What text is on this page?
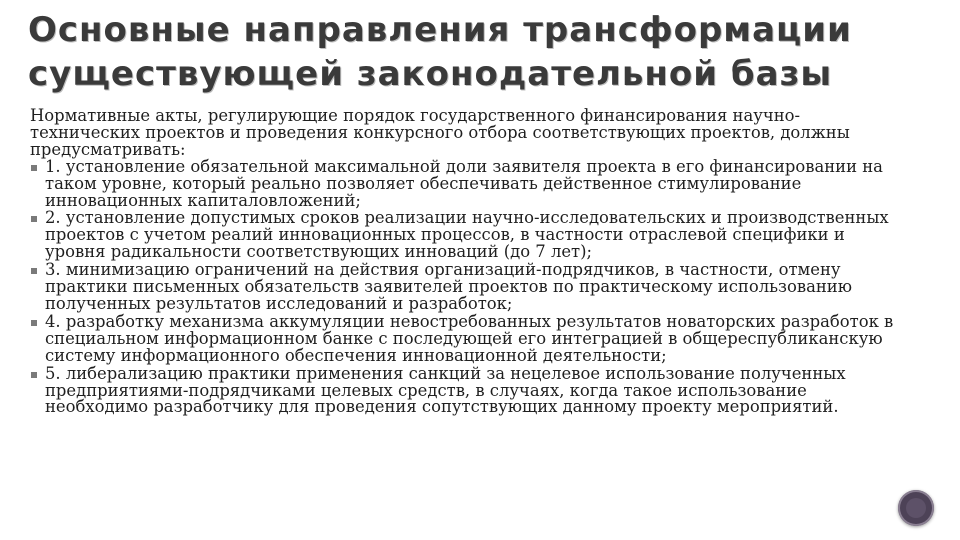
Основные направления трансформации существующей законодательной базы

Нормативные акты, регулирующие порядок государственного финансирования научно-технических проектов и проведения конкурсного отбора соответствующих проектов, должны предусматривать:

1. установление обязательной максимальной доли заявителя проекта в его финансировании на таком уровне, который реально позволяет обеспечивать действенное стимулирование инновационных капиталовложений;
2. установление допустимых сроков реализации научно-исследовательских и производственных проектов с учетом реалий инновационных процессов, в частности отраслевой специфики и уровня радикальности соответствующих инноваций (до 7 лет);
3. минимизацию ограничений на действия организаций-подрядчиков, в частности, отмену практики письменных обязательств заявителей проектов по практическому использованию полученных результатов исследований и разработок;
4. разработку механизма аккумуляции невостребованных результатов новаторских разработок в специальном информационном банке с последующей его интеграцией в общереспубликанскую систему информационного обеспечения инновационной деятельности;
5. либерализацию практики применения санкций за нецелевое использование полученных предприятиями-подрядчиками целевых средств, в случаях, когда такое использование необходимо разработчику для проведения сопутствующих данному проекту мероприятий.
